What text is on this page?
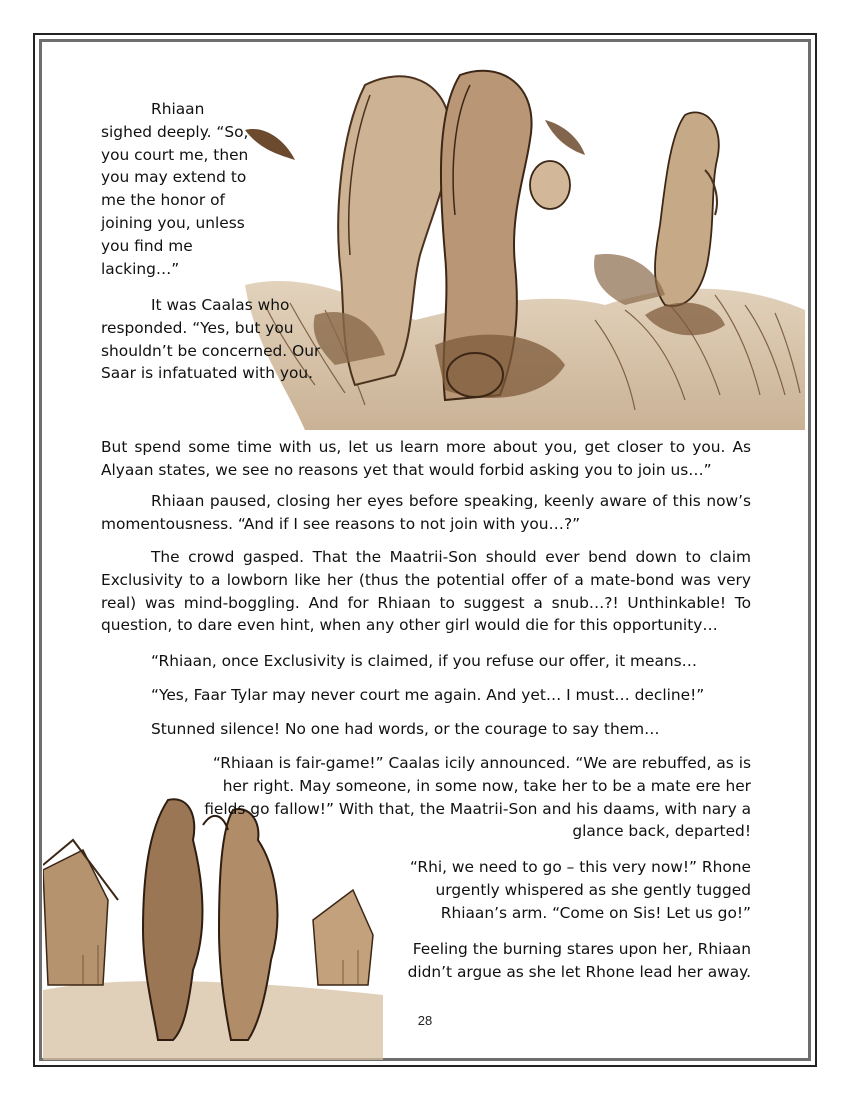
Rhiaan sighed deeply. “So, you court me, then you may extend to me the honor of joining you, unless you find me lacking…”

It was Caalas who responded. “Yes, but you shouldn’t be concerned. Our Saar is infatuated with you.

But spend some time with us, let us learn more about you, get closer to you. As Alyaan states, we see no reasons yet that would forbid asking you to join us…”

Rhiaan paused, closing her eyes before speaking, keenly aware of this now’s momentousness. “And if I see reasons to not join with you…?”

The crowd gasped. That the Maatrii-Son should ever bend down to claim Exclusivity to a lowborn like her (thus the potential offer of a mate-bond was very real) was mind-boggling. And for Rhiaan to suggest a snub…?! Unthinkable! To question, to dare even hint, when any other girl would die for this opportunity…

“Rhiaan, once Exclusivity is claimed, if you refuse our offer, it means…

“Yes, Faar Tylar may never court me again. And yet… I must… decline!”

Stunned silence! No one had words, or the courage to say them…

“Rhiaan is fair-game!” Caalas icily announced. “We are rebuffed, as is her right. May someone, in some now, take her to be a mate ere her fields go fallow!” With that, the Maatrii-Son and his daams, with nary a glance back, departed!

“Rhi, we need to go – this very now!” Rhone urgently whispered as she gently tugged Rhiaan’s arm. “Come on Sis! Let us go!”

Feeling the burning stares upon her, Rhiaan didn’t argue as she let Rhone lead her away.

28
